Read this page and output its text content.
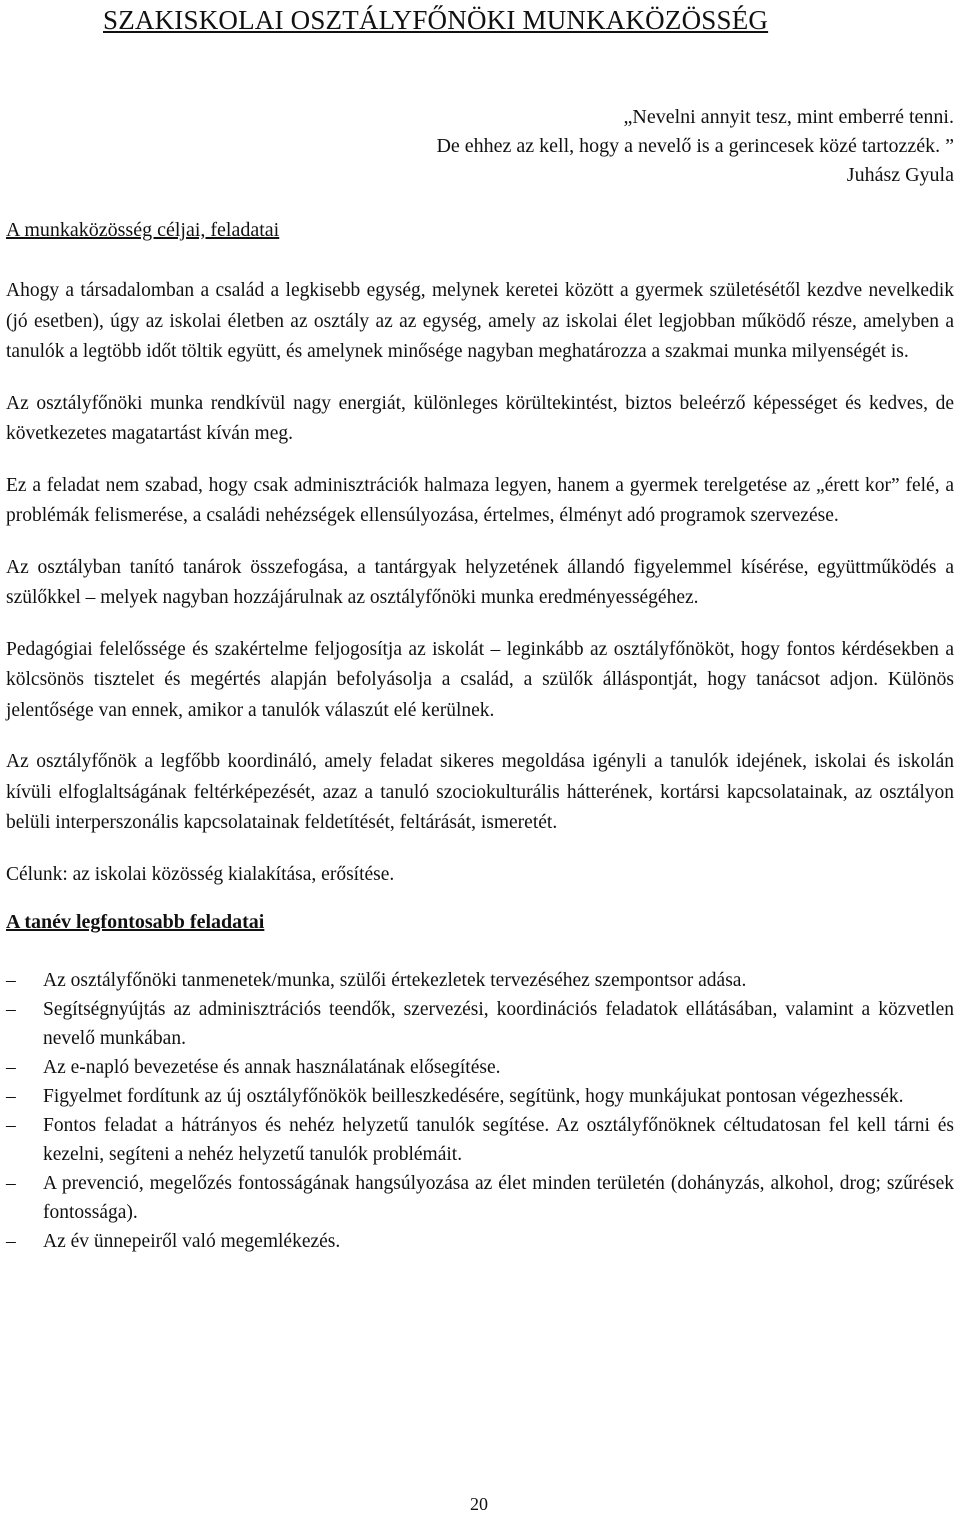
SZAKISKOLAI OSZTÁLYFŐNÖKI MUNKAKÖZÖSSÉG
„Nevelni annyit tesz, mint emberré tenni.
De ehhez az kell, hogy a nevelő is a gerincesek közé tartozzék. ”
Juhász Gyula
A munkaközösség céljai, feladatai

Ahogy a társadalomban a család a legkisebb egység, melynek keretei között a gyermek születésétől kezdve nevelkedik (jó esetben), úgy az iskolai életben az osztály az az egység, amely az iskolai élet legjobban működő része, amelyben a tanulók a legtöbb időt töltik együtt, és amelynek minősége nagyban meghatározza a szakmai munka milyenségét is.

Az osztályfőnöki munka rendkívül nagy energiát, különleges körültekintést, biztos beleérző képességet és kedves, de következetes magatartást kíván meg.

Ez a feladat nem szabad, hogy csak adminisztrációk halmaza legyen, hanem a gyermek terelgetése az „érett kor” felé, a problémák felismerése, a családi nehézségek ellensúlyozása, értelmes, élményt adó programok szervezése.

Az osztályban tanító tanárok összefogása, a tantárgyak helyzetének állandó figyelemmel kísérése, együttműködés a szülőkkel – melyek nagyban hozzájárulnak az osztályfőnöki munka eredményességéhez.

Pedagógiai felelőssége és szakértelme feljogosítja az iskolát – leginkább az osztályfőnököt, hogy fontos kérdésekben a kölcsönös tisztelet és megértés alapján befolyásolja a család, a szülők álláspontját, hogy tanácsot adjon. Különös jelentősége van ennek, amikor a tanulók válaszút elé kerülnek.

Az osztályfőnök a legfőbb koordináló, amely feladat sikeres megoldása igényli a tanulók idejének, iskolai és iskolán kívüli elfoglaltságának feltérképezését, azaz a tanuló szociokulturális hátterének, kortársi kapcsolatainak, az osztályon belüli interperszonális kapcsolatainak feldetítését, feltárását, ismeretét.

Célunk: az iskolai közösség kialakítása, erősítése.

A tanév legfontosabb feladatai
–	Az osztályfőnöki tanmenetek/munka, szülői értekezletek tervezéséhez szempontsor adása.
–	Segítségnyújtás az adminisztrációs teendők, szervezési, koordinációs feladatok ellátásában, valamint a közvetlen nevelő munkában.
–	Az e-napló bevezetése és annak használatának elősegítése.
–	Figyelmet fordítunk az új osztályfőnökök beilleszkedésére, segítünk, hogy munkájukat pontosan végezhessék.
–	Fontos feladat a hátrányos és nehéz helyzetű tanulók segítése. Az osztályfőnöknek céltudatosan fel kell tárni és kezelni, segíteni a nehéz helyzetű tanulók problémáit.
–	A prevenció, megelőzés fontosságának hangsúlyozása az élet minden területén (dohányzás, alkohol, drog; szűrések fontossága).
–	Az év ünnepeiről való megemlékezés.
20
